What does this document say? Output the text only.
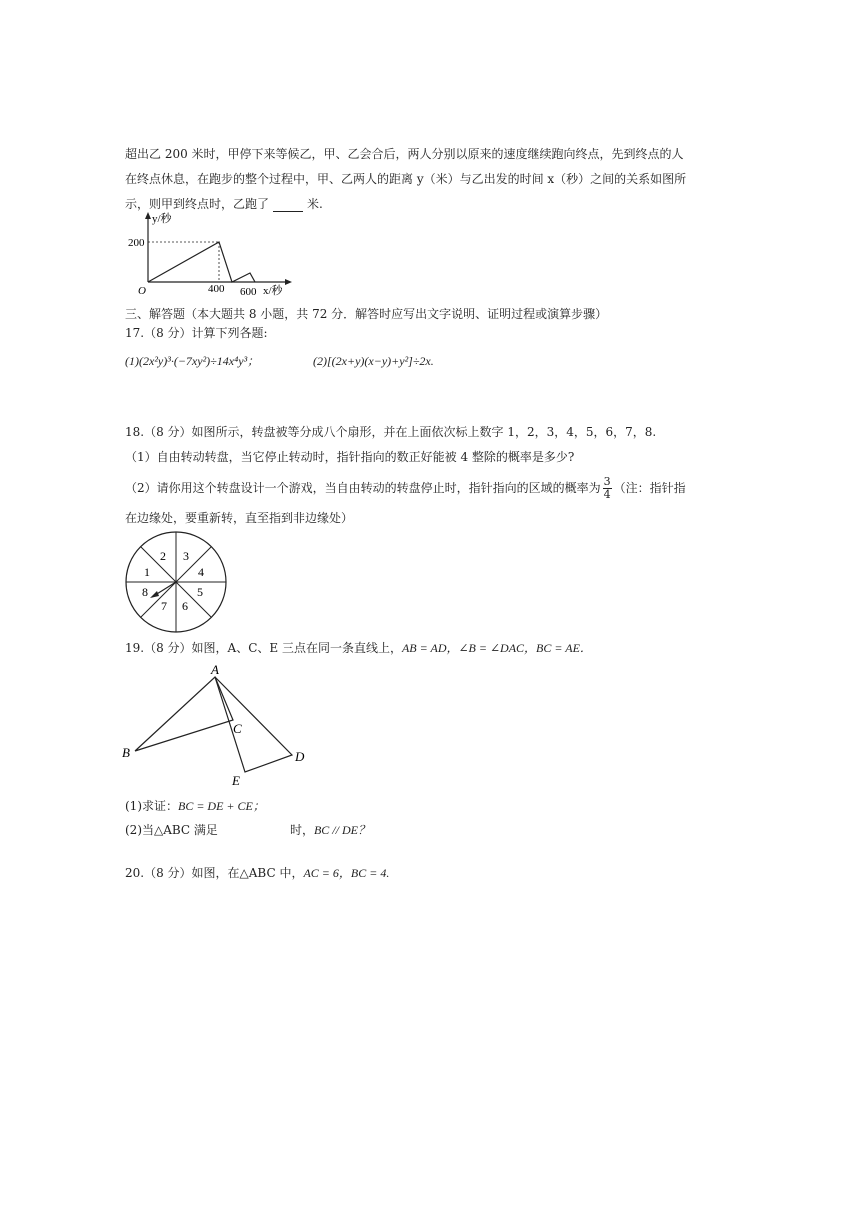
超出乙 200 米时，甲停下来等候乙，甲、乙会合后，两人分别以原来的速度继续跑向终点，先到终点的人
在终点休息，在跑步的整个过程中，甲、乙两人的距离 y（米）与乙出发的时间 x（秒）之间的关系如图所
示，则甲到终点时，乙跑了	米.
y/秒
200
O	400 600 x/秒
三、解答题（本大题共 8 小题，共 72 分．解答时应写出文字说明、证明过程或演算步骤）
17.（8 分）计算下列各题:
(1)(2x²y)³·(−7xy²)÷14x⁴y³；	(2)[(2x+y)(x−y)+y²]÷2x.
18.（8 分）如图所示，转盘被等分成八个扇形，并在上面依次标上数字 1，2，3，4，5，6，7，8.
（1）自由转动转盘，当它停止转动时，指针指向的数正好能被 4 整除的概率是多少?
（2）请你用这个转盘设计一个游戏，当自由转动的转盘停止时，指针指向的区域的概率为 $\frac{3}{4}$ （注：指针指
在边缘处，要重新转，直至指到非边缘处）
2 3
1	4
8	5
7 6
19.（8 分）如图，A、C、E 三点在同一条直线上，AB = AD，∠B = ∠DAC，BC = AE．
A
B
C
D
E
(1)求证：BC = DE + CE；
(2)当△ABC 满足	时，BC // DE？
20.（8 分）如图，在△ABC 中，AC = 6，BC = 4.
